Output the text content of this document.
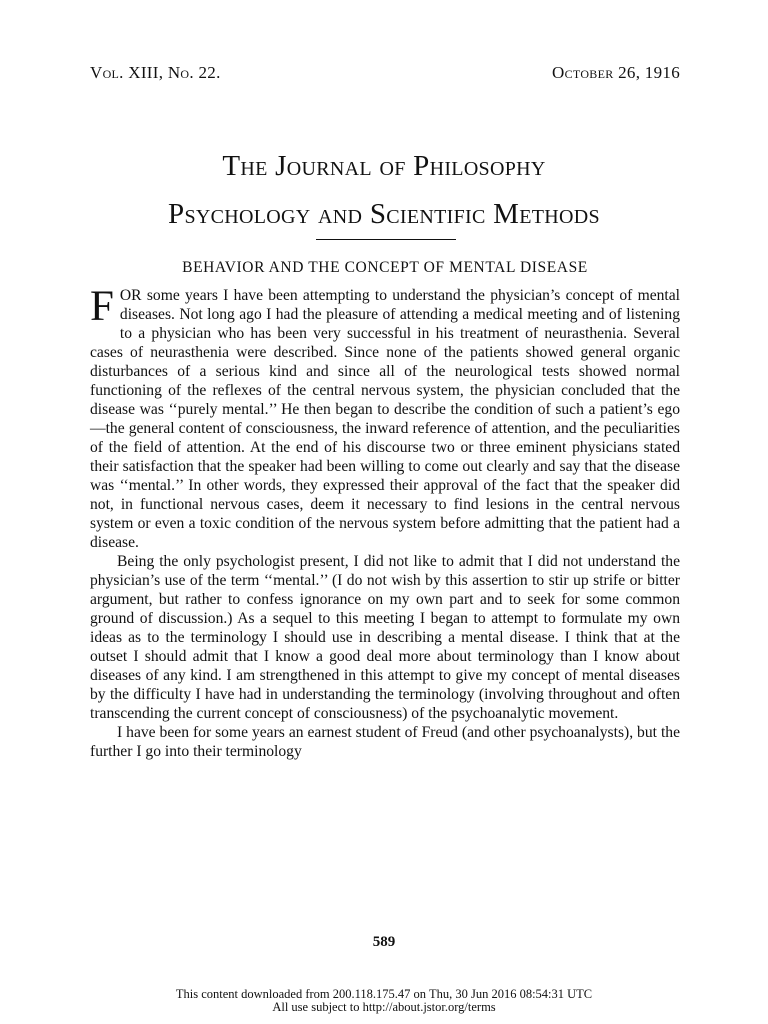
Vol. XIII, No. 22.	October 26, 1916
The Journal of Philosophy
Psychology and Scientific Methods
BEHAVIOR AND THE CONCEPT OF MENTAL DISEASE

FOR some years I have been attempting to understand the physician’s concept of mental diseases. Not long ago I had the pleasure of attending a medical meeting and of listening to a physician who has been very successful in his treatment of neurasthenia. Several cases of neurasthenia were described. Since none of the patients showed general organic disturbances of a serious kind and since all of the neurological tests showed normal functioning of the reflexes of the central nervous system, the physician concluded that the disease was ‘‘purely mental.’’ He then began to describe the condition of such a patient’s ego—the general content of consciousness, the inward reference of attention, and the peculiarities of the field of attention. At the end of his discourse two or three eminent physicians stated their satisfaction that the speaker had been willing to come out clearly and say that the disease was ‘‘mental.’’ In other words, they expressed their approval of the fact that the speaker did not, in functional nervous cases, deem it necessary to find lesions in the central nervous system or even a toxic condition of the nervous system before admitting that the patient had a disease.

Being the only psychologist present, I did not like to admit that I did not understand the physician’s use of the term ‘‘mental.’’ (I do not wish by this assertion to stir up strife or bitter argument, but rather to confess ignorance on my own part and to seek for some common ground of discussion.) As a sequel to this meeting I began to attempt to formulate my own ideas as to the terminology I should use in describing a mental disease. I think that at the outset I should admit that I know a good deal more about terminology than I know about diseases of any kind. I am strengthened in this attempt to give my concept of mental diseases by the difficulty I have had in understanding the terminology (involving throughout and often transcending the current concept of consciousness) of the psychoanalytic movement.

I have been for some years an earnest student of Freud (and other psychoanalysts), but the further I go into their terminology

589
This content downloaded from 200.118.175.47 on Thu, 30 Jun 2016 08:54:31 UTC
All use subject to http://about.jstor.org/terms
